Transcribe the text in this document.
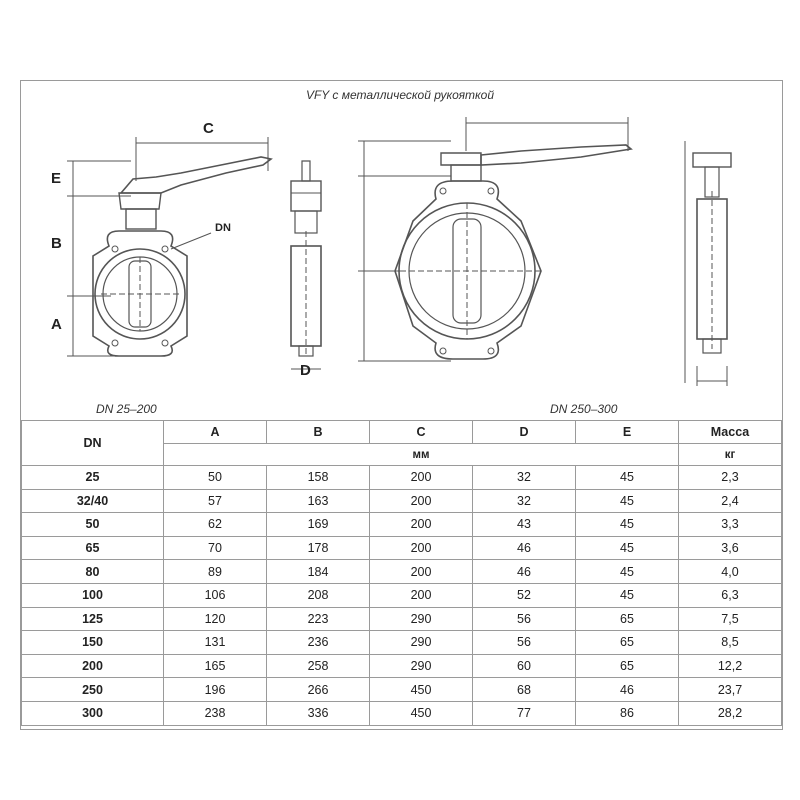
VFY с металлической рукояткой
C
E
B
A
D
DN
DN 25–200	DN 250–300
DN	A	B	C	D	E	Масса
	мм					кг
25	50	158	200	32	45	2,3
32/40	57	163	200	32	45	2,4
50	62	169	200	43	45	3,3
65	70	178	200	46	45	3,6
80	89	184	200	46	45	4,0
100	106	208	200	52	45	6,3
125	120	223	290	56	65	7,5
150	131	236	290	56	65	8,5
200	165	258	290	60	65	12,2
250	196	266	450	68	46	23,7
300	238	336	450	77	86	28,2
